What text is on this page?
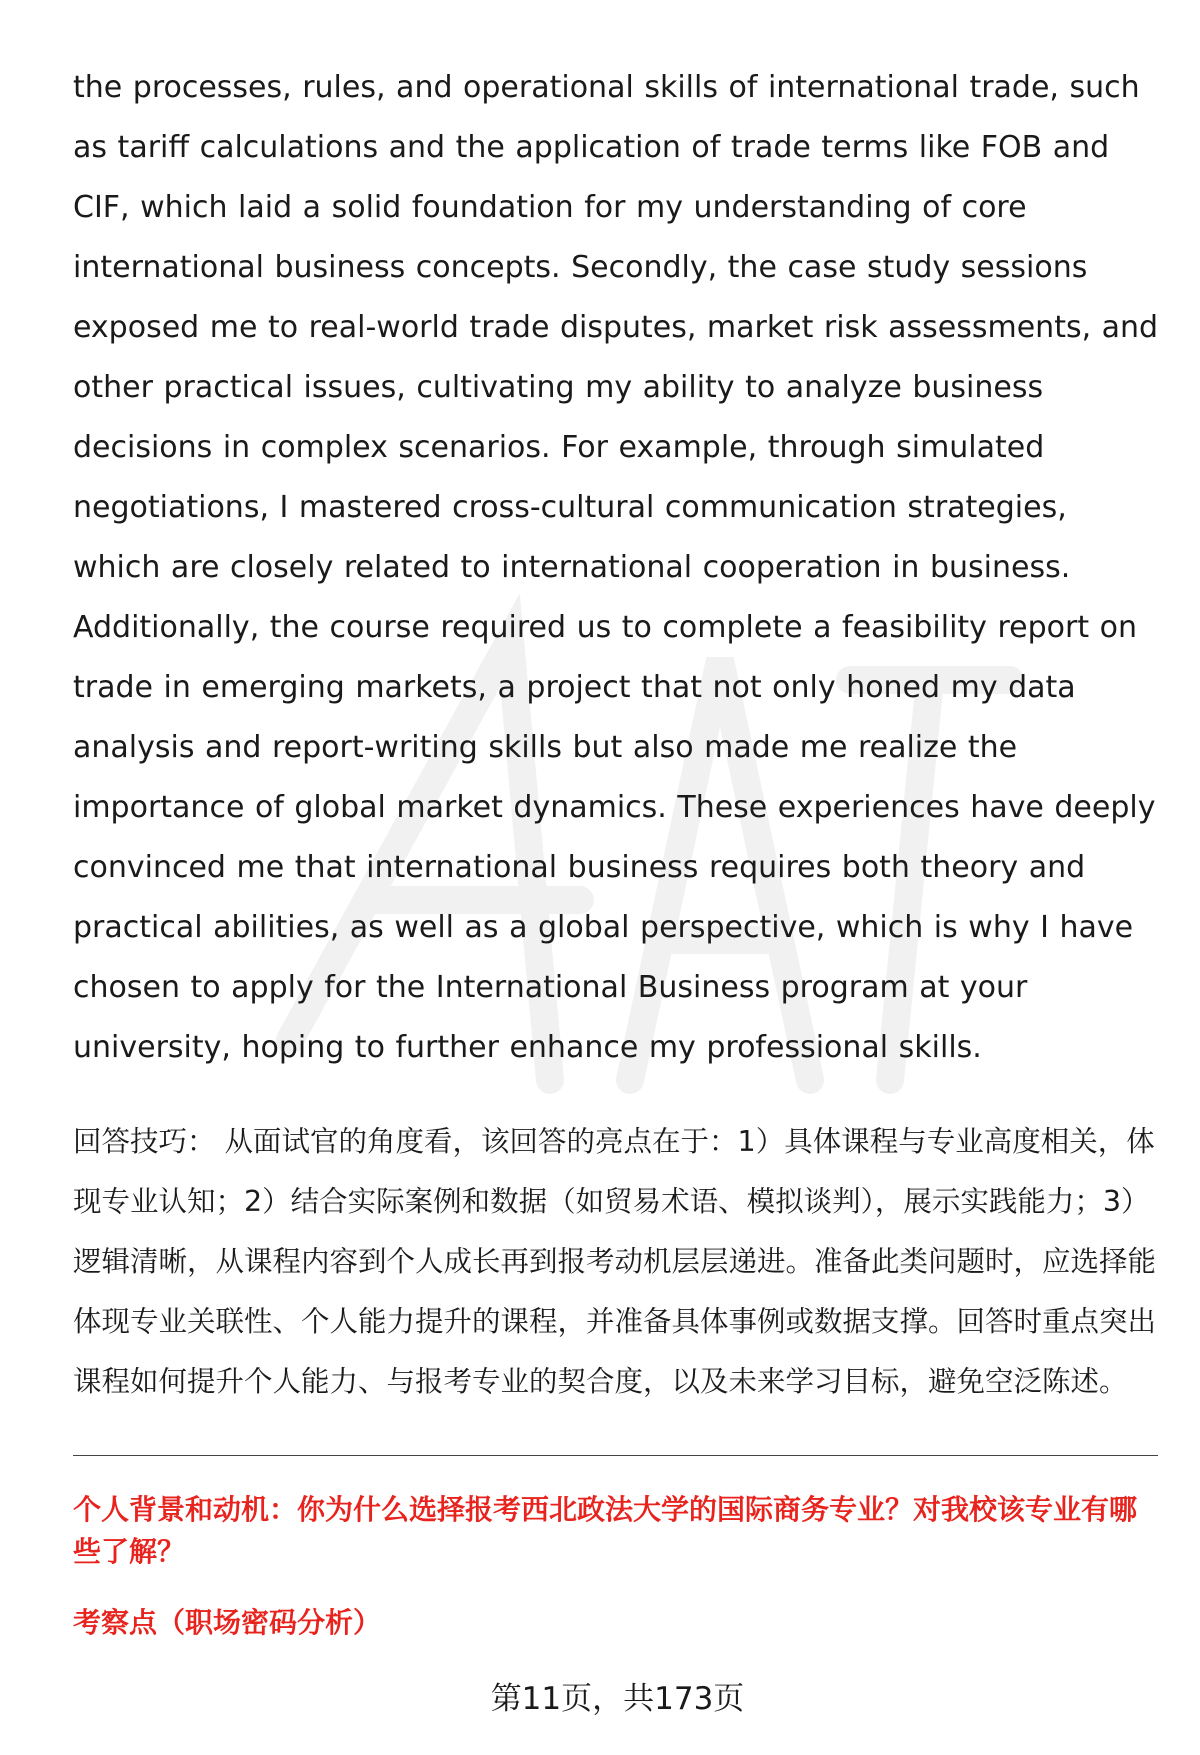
the processes, rules, and operational skills of international trade, such as tariff calculations and the application of trade terms like FOB and CIF, which laid a solid foundation for my understanding of core international business concepts. Secondly, the case study sessions exposed me to real-world trade disputes, market risk assessments, and other practical issues, cultivating my ability to analyze business decisions in complex scenarios. For example, through simulated negotiations, I mastered cross-cultural communication strategies, which are closely related to international cooperation in business. Additionally, the course required us to complete a feasibility report on trade in emerging markets, a project that not only honed my data analysis and report-writing skills but also made me realize the importance of global market dynamics. These experiences have deeply convinced me that international business requires both theory and practical abilities, as well as a global perspective, which is why I have chosen to apply for the International Business program at your university, hoping to further enhance my professional skills.

回答技巧： 从面试官的角度看，该回答的亮点在于：1）具体课程与专业高度相关，体现专业认知；2）结合实际案例和数据（如贸易术语、模拟谈判），展示实践能力；3）逻辑清晰，从课程内容到个人成长再到报考动机层层递进。准备此类问题时，应选择能体现专业关联性、个人能力提升的课程，并准备具体事例或数据支撑。回答时重点突出课程如何提升个人能力、与报考专业的契合度，以及未来学习目标，避免空泛陈述。

个人背景和动机：你为什么选择报考西北政法大学的国际商务专业？对我校该专业有哪些了解？
考察点（职场密码分析）
第11页，共173页
